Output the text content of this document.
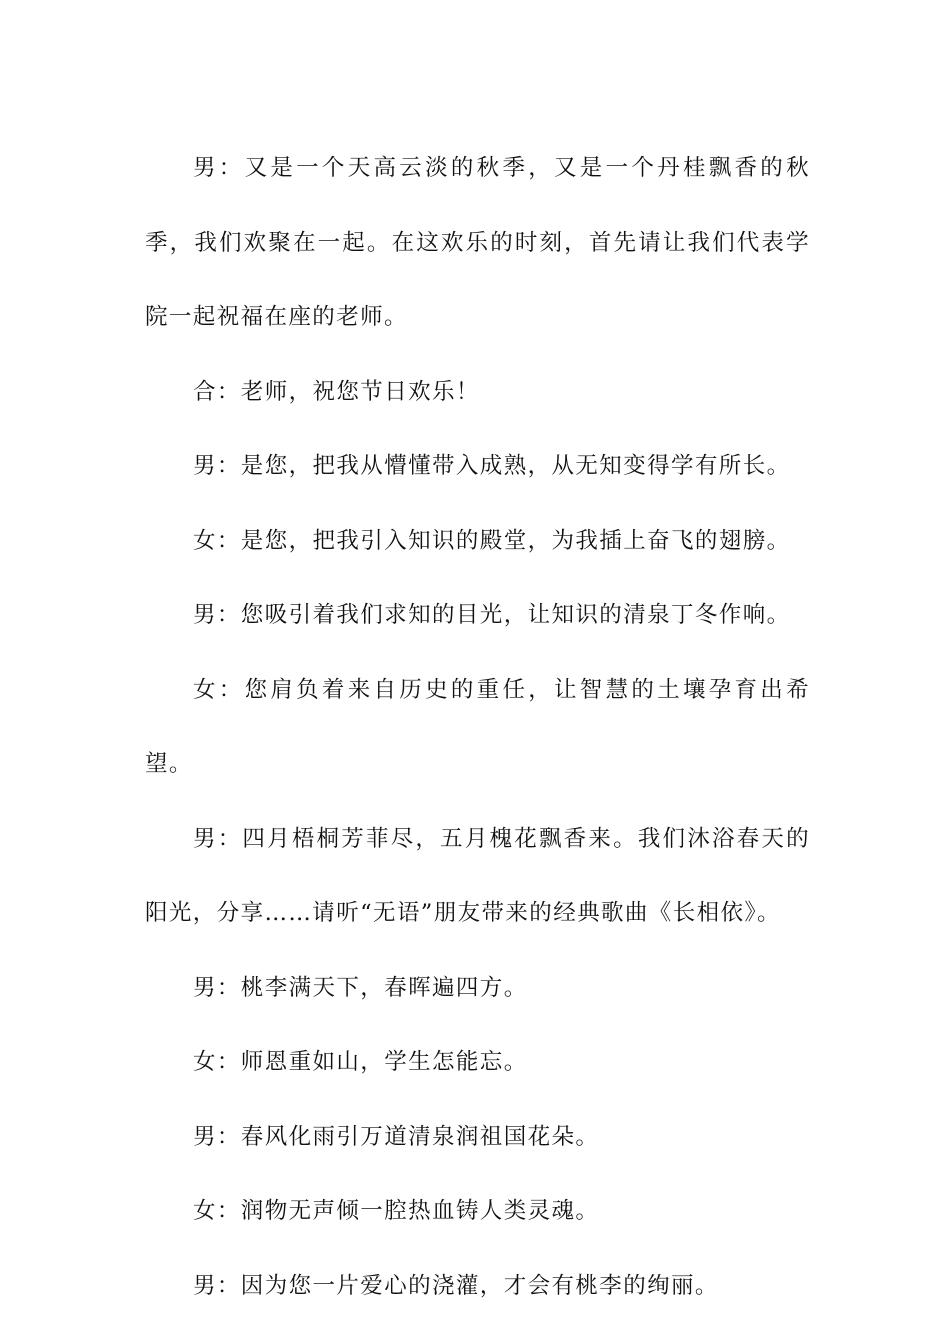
男：又是一个天高云淡的秋季，又是一个丹桂飘香的秋季，我们欢聚在一起。在这欢乐的时刻，首先请让我们代表学院一起祝福在座的老师。

合：老师，祝您节日欢乐！

男：是您，把我从懵懂带入成熟，从无知变得学有所长。

女：是您，把我引入知识的殿堂，为我插上奋飞的翅膀。

男：您吸引着我们求知的目光，让知识的清泉丁冬作响。

女：您肩负着来自历史的重任，让智慧的土壤孕育出希望。

男：四月梧桐芳菲尽，五月槐花飘香来。我们沐浴春天的阳光，分享……请听“无语”朋友带来的经典歌曲《长相依》。

男：桃李满天下，春晖遍四方。

女：师恩重如山，学生怎能忘。

男：春风化雨引万道清泉润祖国花朵。

女：润物无声倾一腔热血铸人类灵魂。

男：因为您一片爱心的浇灌，才会有桃李的绚丽。
